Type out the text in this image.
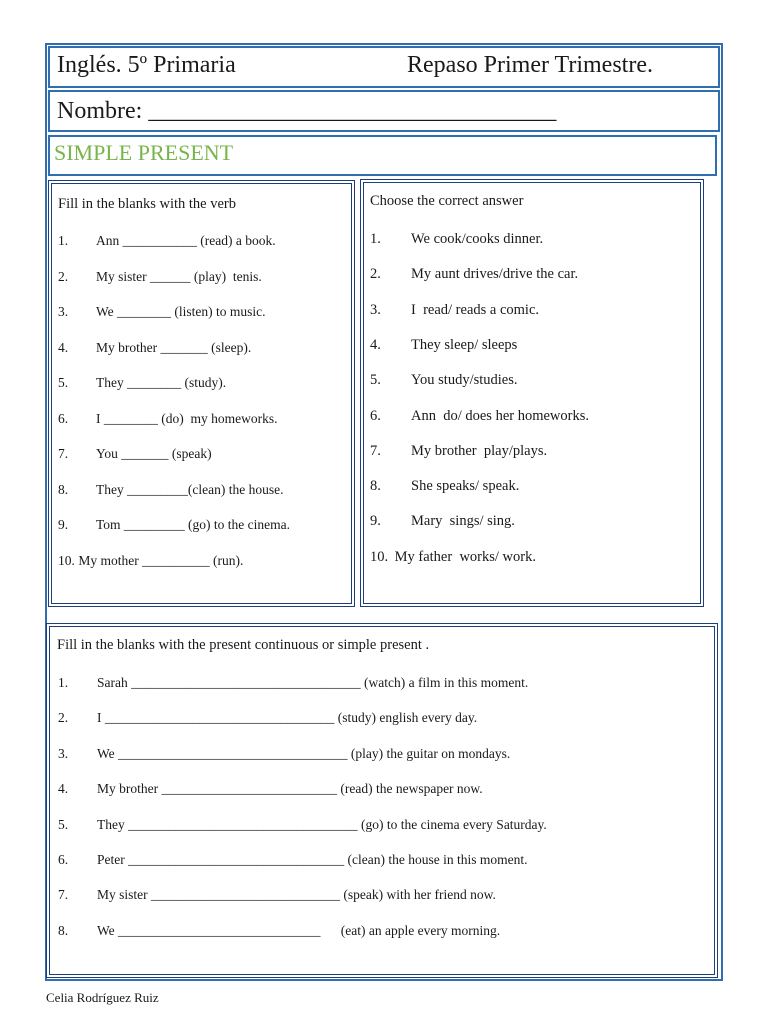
Inglés. 5º Primaria	Repaso Primer Trimestre.
Nombre: __________________________________
SIMPLE PRESENT
Fill in the blanks with the verb
1. Ann ___________ (read) a book.
2. My sister ______ (play)  tenis.
3. We ________ (listen) to music.
4. My brother _______ (sleep).
5. They ________ (study).
6. I ________ (do)  my homeworks.
7. You _______ (speak)
8. They _________(clean) the house.
9. Tom _________ (go) to the cinema.
10. My mother __________ (run).
Choose the correct answer
1. We cook/cooks dinner.
2. My aunt drives/drive the car.
3. I  read/ reads a comic.
4. They sleep/ sleeps
5. You study/studies.
6. Ann  do/ does her homeworks.
7. My brother  play/plays.
8. She speaks/ speak.
9. Mary  sings/ sing.
10. My father  works/ work.
Fill in the blanks with the present continuous or simple present .
1. Sarah __________________________________ (watch) a film in this moment.
2. I __________________________________ (study) english every day.
3. We __________________________________ (play) the guitar on mondays.
4. My brother __________________________ (read) the newspaper now.
5. They __________________________________ (go) to the cinema every Saturday.
6. Peter ________________________________ (clean) the house in this moment.
7. My sister ____________________________ (speak) with her friend now.
8. We ______________________________      (eat) an apple every morning.
Celia Rodríguez Ruiz
